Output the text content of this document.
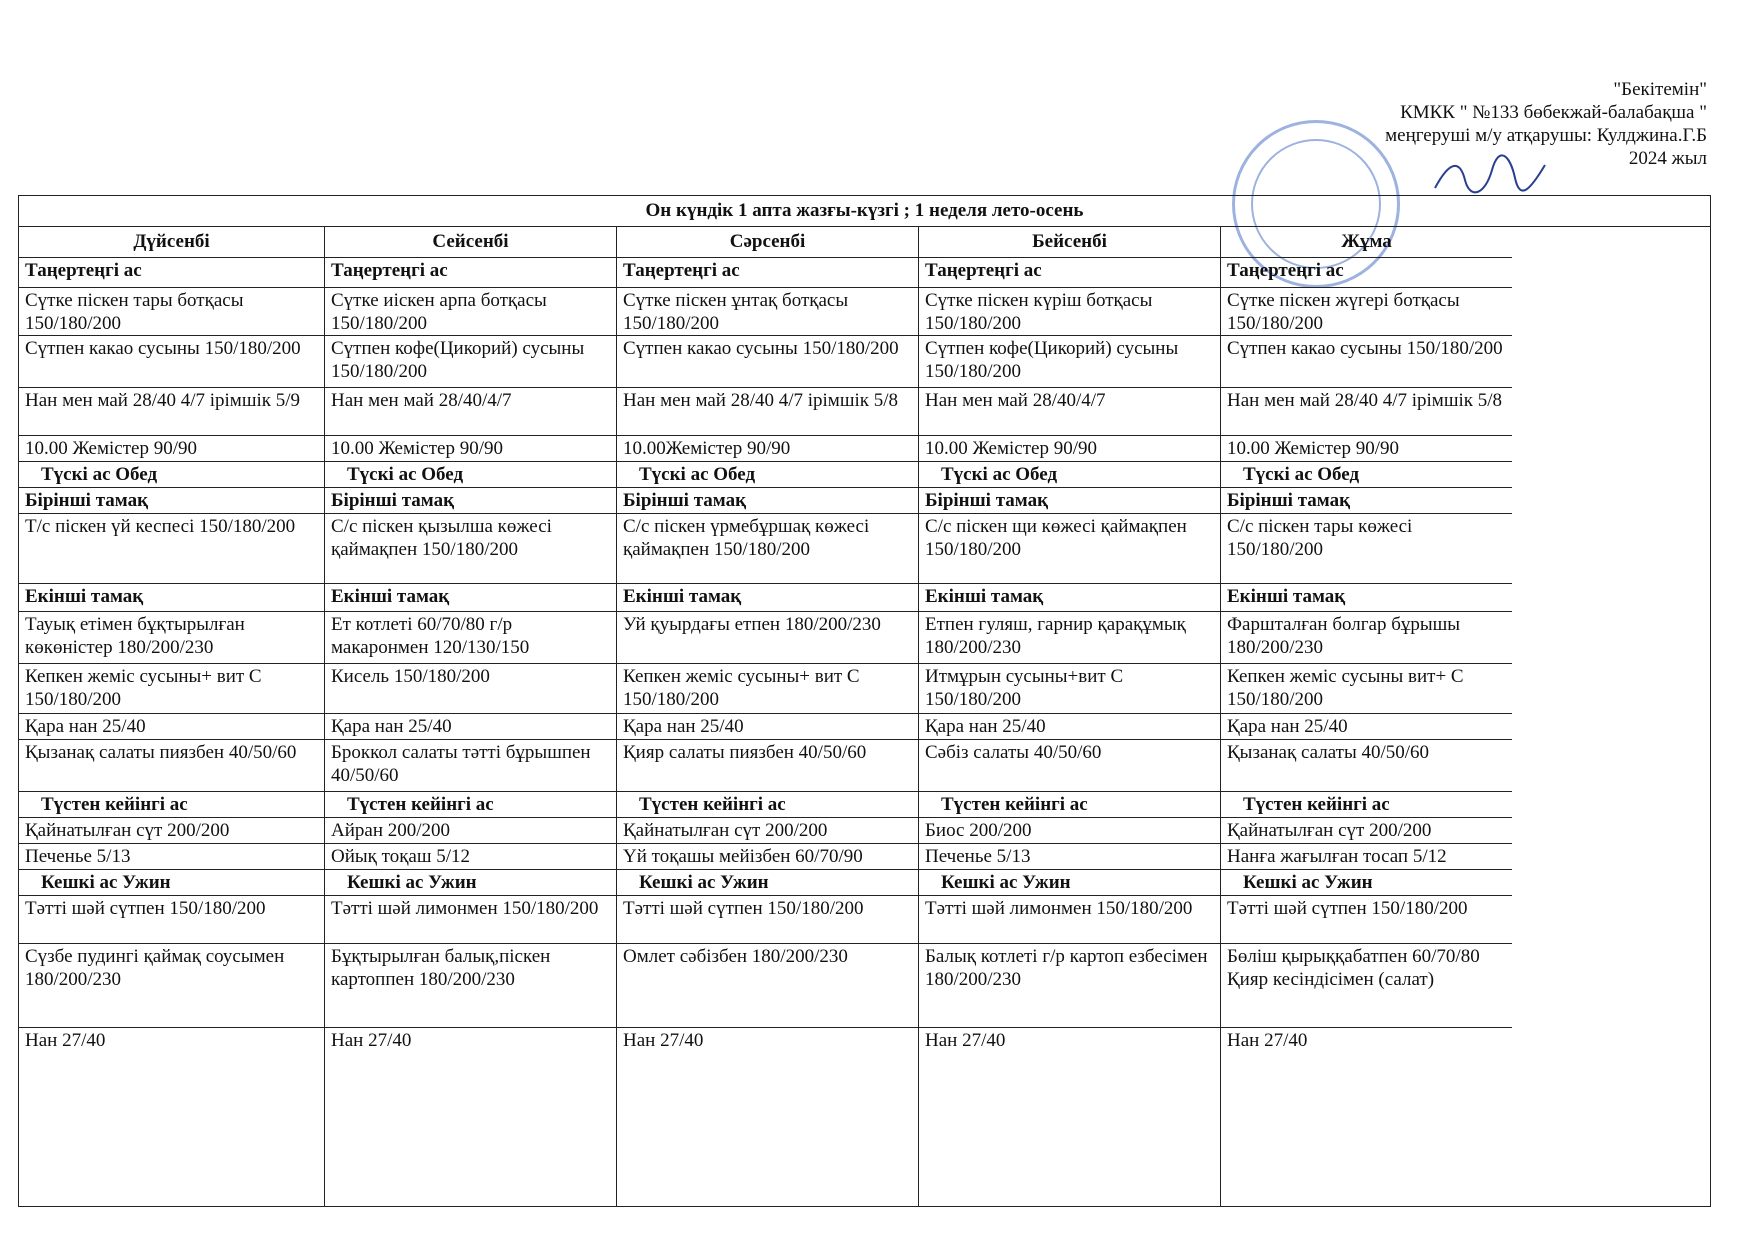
"Бекітемін"
КМКК " №133 бөбекжай-балабақша "
меңгеруші м/у атқарушы: Кулджина.Г.Б
2024 жыл
Он күндік 1 апта жазғы-күзгі ; 1 неделя лето-осень
Дүйсенбі
Таңертеңгі ас
Сүтке піскен тары ботқасы 150/180/200
Сүтпен какао сусыны 150/180/200
Нан мен май 28/40 4/7 ірімшік 5/9
10.00 Жемістер 90/90
Түскі ас Обед
Бірінші тамақ
Т/с піскен үй кеспесі 150/180/200
Екінші тамақ
Тауық етімен бұқтырылған көкөністер 180/200/230
Кепкен жеміс сусыны+ вит С 150/180/200
Қара нан 25/40
Қызанақ салаты пиязбен 40/50/60
Түстен кейінгі ас
Қайнатылған сүт 200/200
Печенье 5/13
Кешкі ас Ужин
Тәтті шәй сүтпен 150/180/200
Сүзбе пудингі қаймақ соусымен 180/200/230
Нан 27/40
Сейсенбі
Таңертеңгі ас
Сүтке иіскен арпа ботқасы 150/180/200
Сүтпен кофе(Цикорий) сусыны 150/180/200
Нан мен май 28/40/4/7
10.00 Жемістер 90/90
Түскі ас Обед
Бірінші тамақ
С/с піскен қызылша көжесі қаймақпен 150/180/200
Екінші тамақ
Ет котлеті 60/70/80 г/р макаронмен 120/130/150
Кисель 150/180/200
Қара нан 25/40
Броккол салаты тәтті бұрышпен 40/50/60
Түстен кейінгі ас
Айран 200/200
Ойық тоқаш 5/12
Кешкі ас Ужин
Тәтті шәй лимонмен 150/180/200
Бұқтырылған балық,піскен картоппен 180/200/230
Нан 27/40
Сәрсенбі
Таңертеңгі ас
Сүтке піскен ұнтақ ботқасы 150/180/200
Сүтпен какао сусыны 150/180/200
Нан мен май 28/40 4/7 ірімшік 5/8
10.00Жемістер 90/90
Түскі ас Обед
Бірінші тамақ
С/с піскен үрмебұршақ көжесі қаймақпен 150/180/200
Екінші тамақ
Уй қуырдағы етпен 180/200/230
Кепкен жеміс сусыны+ вит С 150/180/200
Қара нан 25/40
Қияр салаты пиязбен 40/50/60
Түстен кейінгі ас
Қайнатылған сүт 200/200
Үй тоқашы мейізбен 60/70/90
Кешкі ас Ужин
Тәтті шәй сүтпен 150/180/200
Омлет сәбізбен 180/200/230
Нан 27/40
Бейсенбі
Таңертеңгі ас
Сүтке піскен күріш ботқасы 150/180/200
Сүтпен кофе(Цикорий) сусыны 150/180/200
Нан мен май 28/40/4/7
10.00 Жемістер 90/90
Түскі ас Обед
Бірінші тамақ
С/с піскен щи көжесі қаймақпен 150/180/200
Екінші тамақ
Етпен гуляш, гарнир қарақұмық 180/200/230
Итмұрын сусыны+вит С 150/180/200
Қара нан 25/40
Сәбіз салаты 40/50/60
Түстен кейінгі ас
Биос 200/200
Печенье 5/13
Кешкі ас Ужин
Тәтті шәй лимонмен 150/180/200
Балық котлеті г/р картоп езбесімен 180/200/230
Нан 27/40
Жұма
Таңертеңгі ас
Сүтке піскен жүгері ботқасы 150/180/200
Сүтпен какао сусыны 150/180/200
Нан мен май 28/40 4/7 ірімшік 5/8
10.00 Жемістер 90/90
Түскі ас Обед
Бірінші тамақ
С/с піскен тары көжесі 150/180/200
Екінші тамақ
Фаршталған болгар бұрышы 180/200/230
Кепкен жеміс сусыны вит+ С 150/180/200
Қара нан 25/40
Қызанақ салаты 40/50/60
Түстен кейінгі ас
Қайнатылған сүт 200/200
Нанға жағылған тосап 5/12
Кешкі ас Ужин
Тәтті шәй сүтпен 150/180/200
Бөліш қырыққабатпен 60/70/80 Қияр кесіндісімен (салат)
Нан 27/40
